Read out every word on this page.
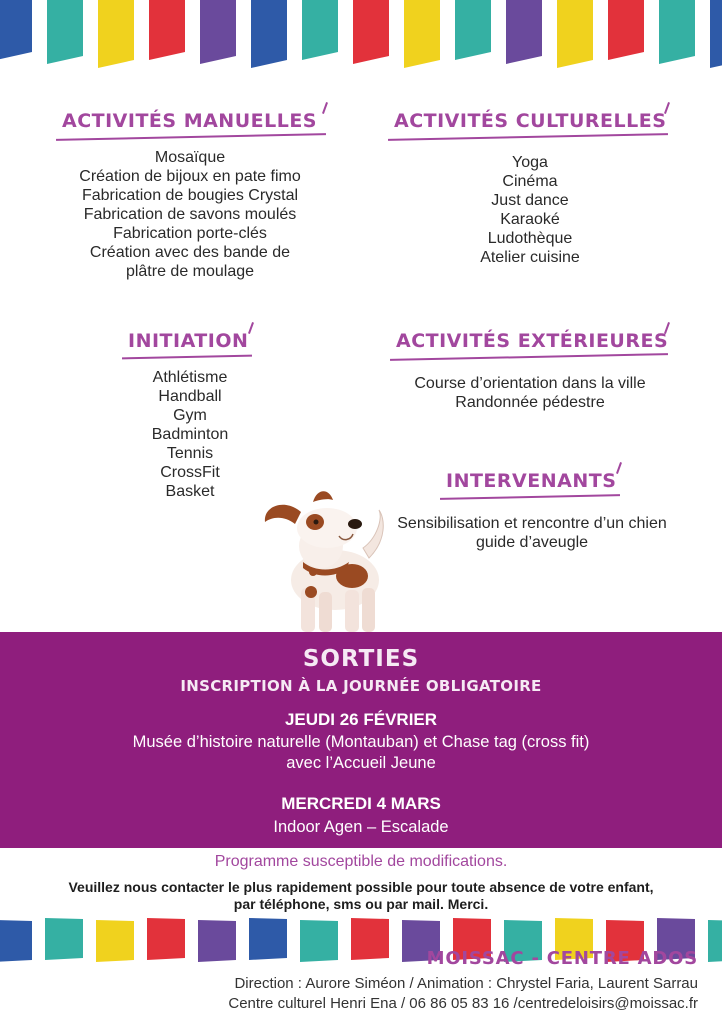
ACTIVITÉS MANUELLES
Mosaïque
Création de bijoux en pate fimo
Fabrication de bougies Crystal
Fabrication de savons moulés
Fabrication porte-clés
Création avec des bande de
plâtre de moulage
ACTIVITÉS CULTURELLES
Yoga
Cinéma
Just dance
Karaoké
Ludothèque
Atelier cuisine
INITIATION
Athlétisme
Handball
Gym
Badminton
Tennis
CrossFit
Basket
ACTIVITÉS EXTÉRIEURES
Course d’orientation dans la ville
Randonnée pédestre
INTERVENANTS
Sensibilisation et rencontre d’un chien
guide d’aveugle
SORTIES
INSCRIPTION À LA JOURNÉE OBLIGATOIRE
JEUDI 26 FÉVRIER
Musée d’histoire naturelle (Montauban) et Chase tag (cross fit)
avec l’Accueil Jeune
MERCREDI 4 MARS
Indoor Agen – Escalade
Programme susceptible de modifications.
Veuillez nous contacter le plus rapidement possible pour toute absence de votre enfant,
par téléphone, sms ou par mail. Merci.
MOISSAC - CENTRE ADOS
Direction : Aurore Siméon / Animation : Chrystel Faria, Laurent Sarrau
Centre culturel Henri Ena / 06 86 05 83 16 /centredeloisirs@moissac.fr
